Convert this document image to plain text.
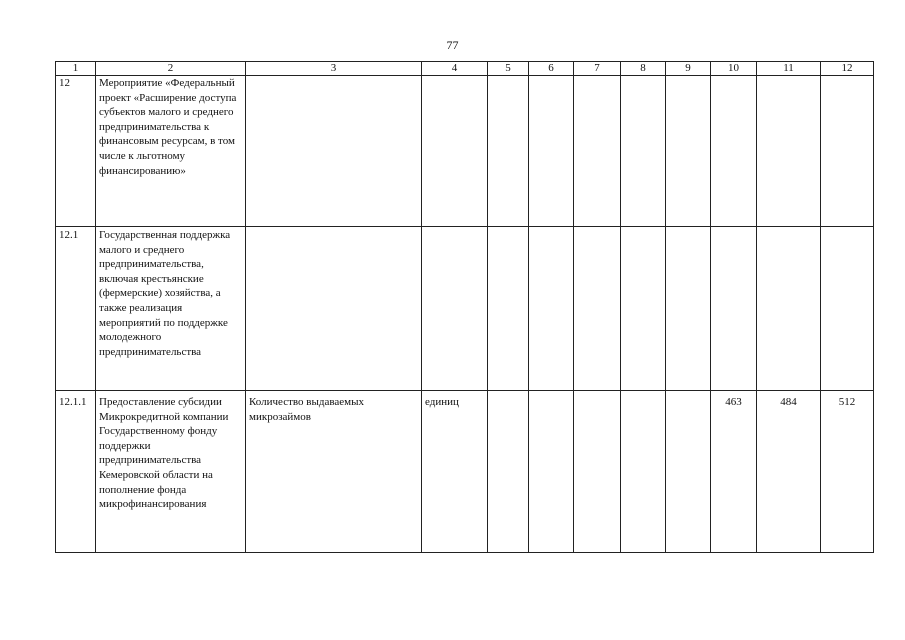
77
1	2	3	4	5	6	7	8	9	10	11	12
12	Мероприятие «Федеральный проект «Расширение доступа субъектов малого и среднего предпринимательства к финансовым ресурсам, в том числе к льготному финансированию»										
12.1	Государственная поддержка малого и среднего предпринимательства, включая крестьянские (фермерские) хозяйства, а также реализация мероприятий по поддержке молодежного предпринимательства										
12.1.1	Предоставление субсидии Микрокредитной компании Государственному фонду поддержки предпринимательства Кемеровской области на пополнение фонда микрофинансирования	Количество выдаваемых микрозаймов	единиц						463	484	512
